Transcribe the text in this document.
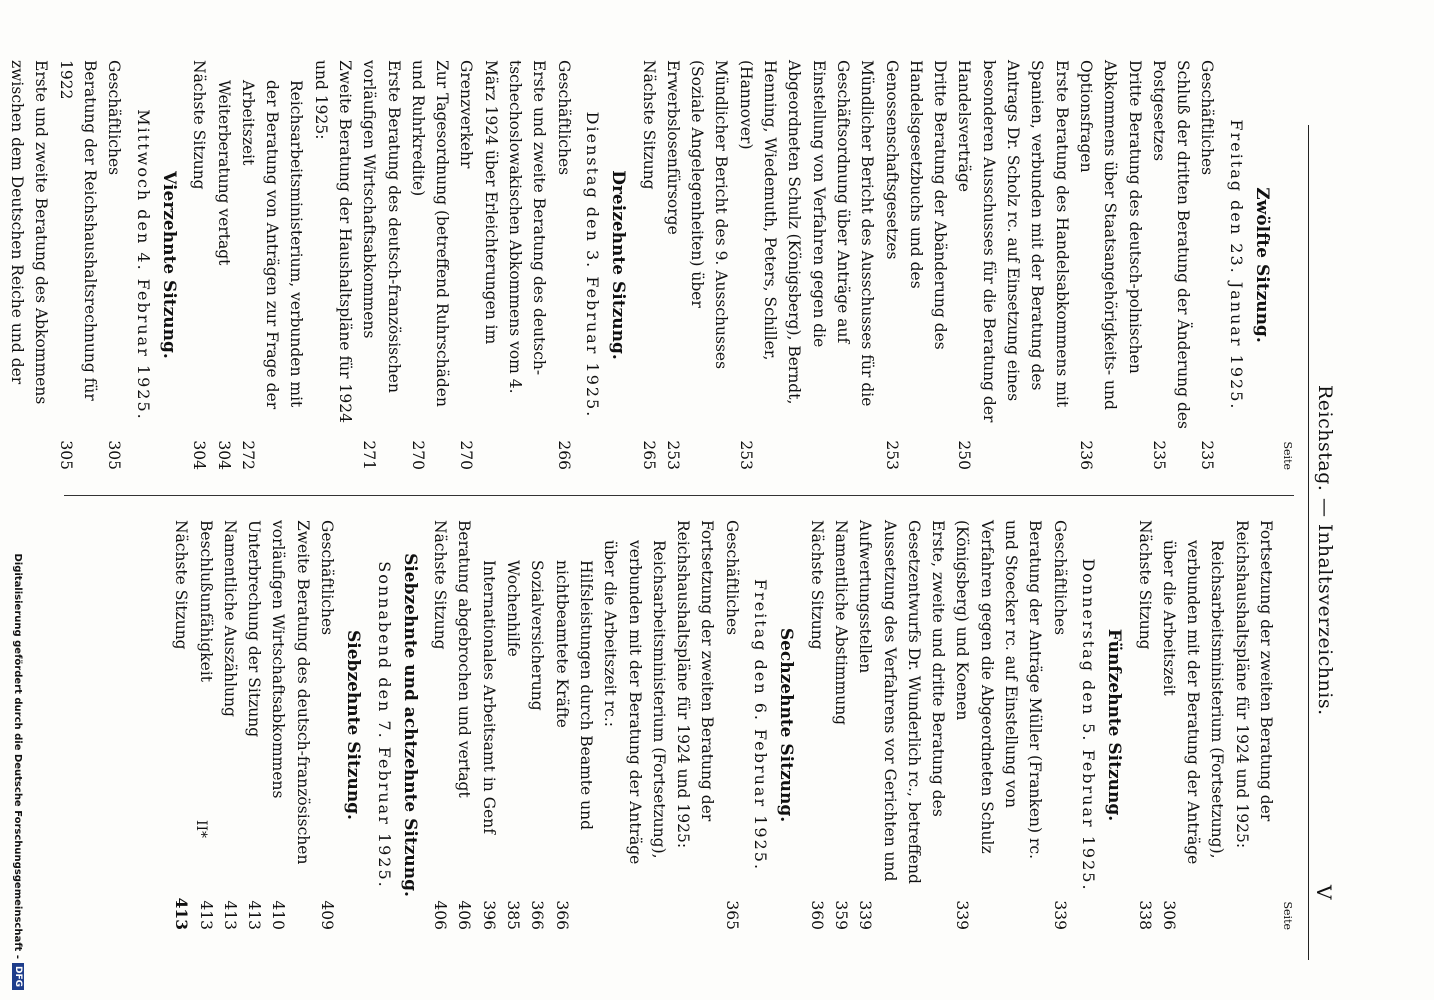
Reichstag. — Inhaltsverzeichnis.
V
Seite
Zwölfte Sitzung.
Freitag den 23. Januar 1925.
Geschäftliches
235
Schluß der dritten Beratung der Änderung des Postgesetzes
235
Dritte Beratung des deutsch-polnischen Abkommens über Staatsangehörigkeits- und Optionsfragen
236
Erste Beratung des Handelsabkommens mit Spanien, verbunden mit der Beratung des Antrags Dr. Scholz rc. auf Einsetzung eines besonderen Ausschusses für die Beratung der Handelsverträge
250
Dritte Beratung der Abänderung des Handelsgesetzbuchs und des Genossenschaftsgesetzes
253
Mündlicher Bericht des Ausschusses für die Geschäftsordnung über Anträge auf Einstellung von Verfahren gegen die Abgeordneten Schulz (Königsberg), Berndt, Henning, Wiedemuth, Peters, Schiller, (Hannover)
253
Mündlicher Bericht des 9. Ausschusses (Soziale Angelegenheiten) über Erwerbslosenfürsorge
253
Nächste Sitzung
265
Dreizehnte Sitzung.
Dienstag den 3. Februar 1925.
Geschäftliches
266
Erste und zweite Beratung des deutsch-tschechoslowakischen Abkommens vom 4. März 1924 über Erleichterungen im Grenzverkehr
270
Zur Tagesordnung (betreffend Ruhrschäden und Ruhrkredite)
270
Erste Beratung des deutsch-französischen vorläufigen Wirtschaftsabkommens
271
Zweite Beratung der Haushaltspläne für 1924 und 1925:
Reichsarbeitsministerium, verbunden mit der Beratung von Anträgen zur Frage der Arbeitszeit
272
Weiterberatung vertagt
304
Nächste Sitzung
304
Vierzehnte Sitzung.
Mittwoch den 4. Februar 1925.
Geschäftliches
305
Beratung der Reichshaushaltsrechnung für 1922
305
Erste und zweite Beratung des Abkommens zwischen dem Deutschen Reiche und der
Seite
Fortsetzung der zweiten Beratung der Reichshaushaltspläne für 1924 und 1925:
Reichsarbeitsministerium (Fortsetzung), verbunden mit der Beratung der Anträge über die Arbeitszeit
306
Nächste Sitzung
338
Fünfzehnte Sitzung.
Donnerstag den 5. Februar 1925.
Geschäftliches
339
Beratung der Anträge Müller (Franken) rc. und Stoecker rc. auf Einstellung von Verfahren gegen die Abgeordneten Schulz (Königsberg) und Koenen
339
Erste, zweite und dritte Beratung des Gesetzentwurfs Dr. Wunderlich rc., betreffend Aussetzung des Verfahrens vor Gerichten und Aufwertungsstellen
339
Namentliche Abstimmung
359
Nächste Sitzung
360
Sechzehnte Sitzung.
Freitag den 6. Februar 1925.
Geschäftliches
365
Fortsetzung der zweiten Beratung der Reichshaushaltspläne für 1924 und 1925:
Reichsarbeitsministerium (Fortsetzung), verbunden mit der Beratung der Anträge über die Arbeitszeit rc.:
Hilfsleistungen durch Beamte und nichtbeamtete Kräfte
366
Sozialversicherung
366
Wochenhilfe
385
Internationales Arbeitsamt in Genf
396
Beratung abgebrochen und vertagt
406
Nächste Sitzung
406
Siebzehnte und achtzehnte Sitzung.
Sonnabend den 7. Februar 1925.
Siebzehnte Sitzung.
Geschäftliches
409
Zweite Beratung des deutsch-französischen vorläufigen Wirtschaftsabkommens
410
Unterbrechung der Sitzung
413
Namentliche Auszählung
413
Beschlußunfähigkeit
413
Nächste Sitzung
413
II*
Digitalisierung gefördert durch die Deutsche Forschungsgemeinschaft -
DFG
